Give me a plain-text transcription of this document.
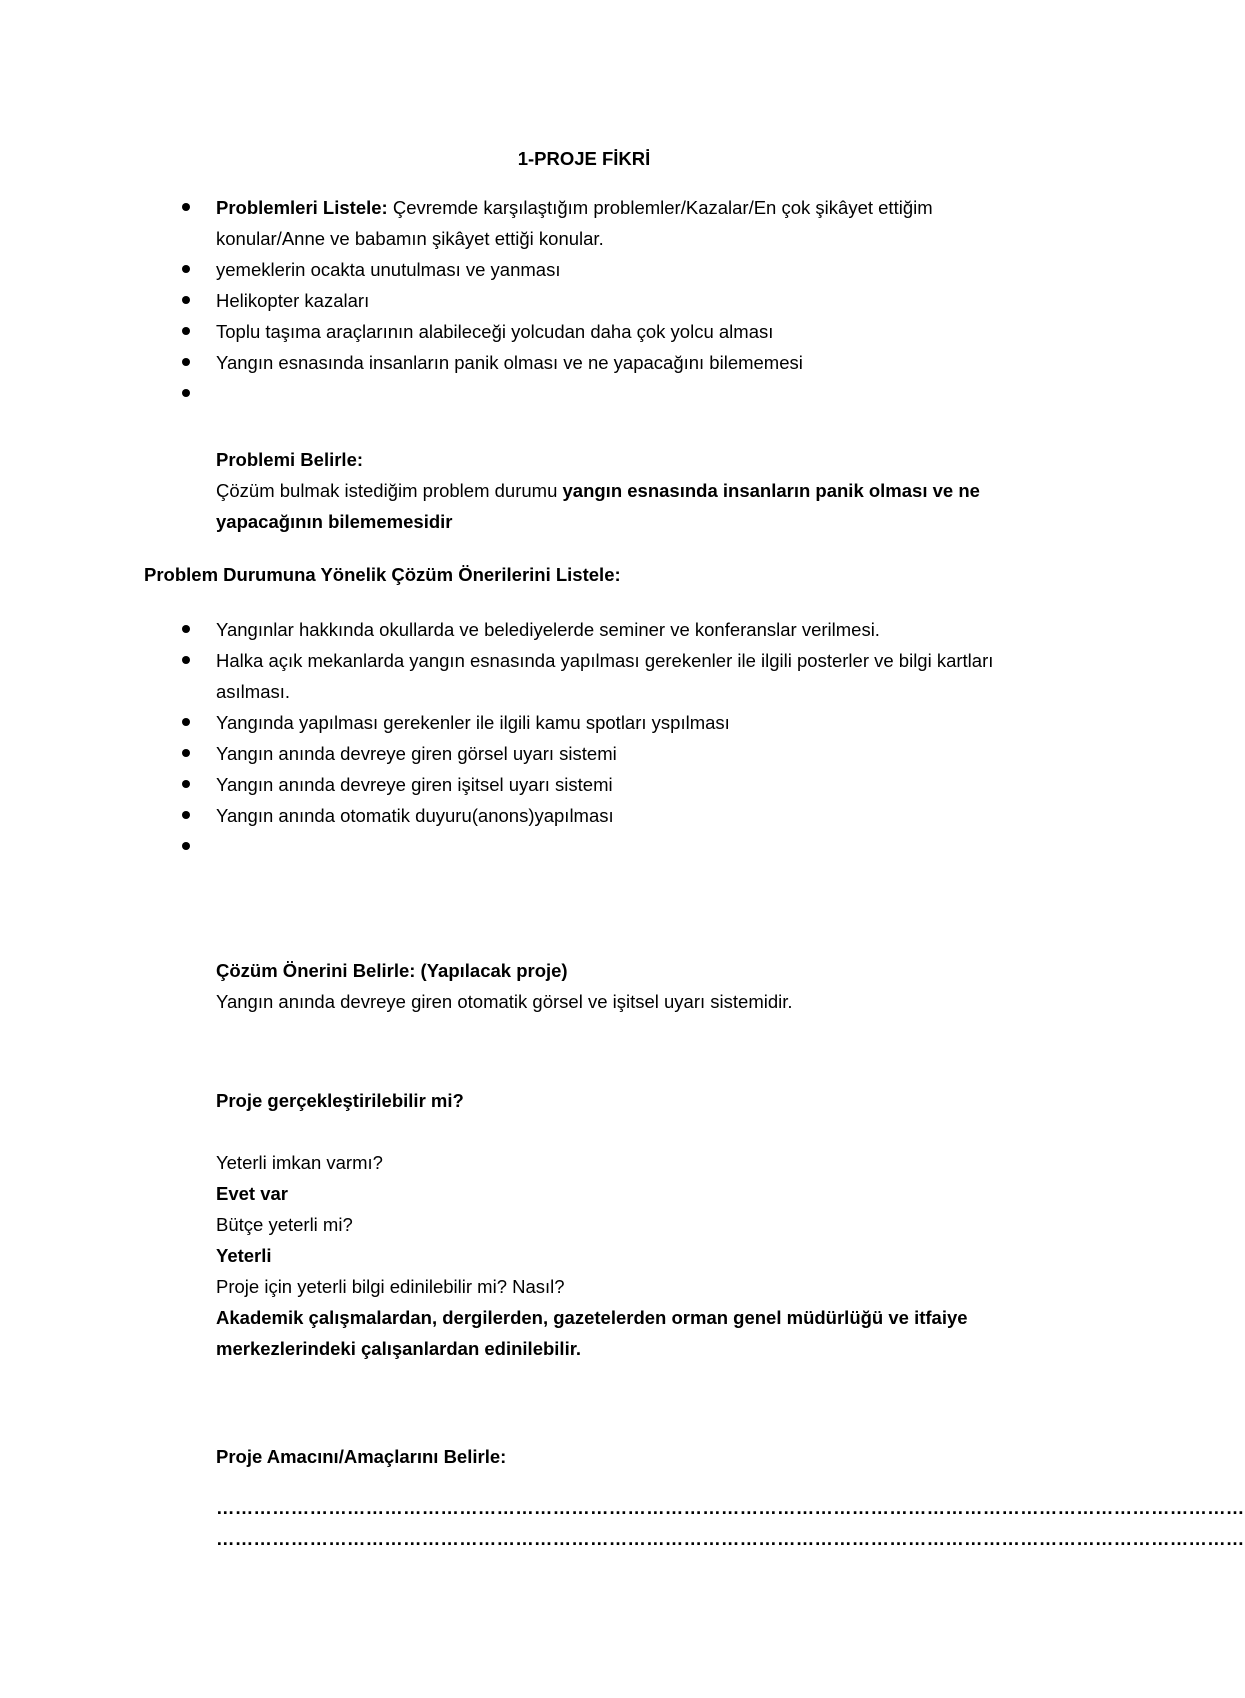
1-PROJE FİKRİ
Problemleri Listele: Çevremde karşılaştığım problemler/Kazalar/En çok şikâyet ettiğim konular/Anne ve babamın şikâyet ettiği konular.
yemeklerin ocakta unutulması ve yanması
Helikopter kazaları
Toplu taşıma araçlarının alabileceği yolcudan daha çok yolcu alması
Yangın esnasında insanların panik olması ve ne yapacağını bilememesi
Problemi Belirle:
Çözüm bulmak istediğim problem durumu yangın esnasında insanların panik olması ve ne yapacağının bilememesidir
Problem Durumuna Yönelik Çözüm Önerilerini Listele:
Yangınlar hakkında okullarda ve belediyelerde seminer ve konferanslar verilmesi.
Halka açık mekanlarda yangın esnasında yapılması gerekenler ile ilgili posterler ve bilgi kartları asılması.
Yangında yapılması gerekenler ile ilgili kamu spotları yspılması
Yangın anında devreye giren görsel uyarı sistemi
Yangın anında devreye giren işitsel uyarı sistemi
Yangın anında otomatik duyuru(anons)yapılması
Çözüm Önerini Belirle: (Yapılacak proje)
Yangın anında devreye giren otomatik görsel ve işitsel uyarı sistemidir.
Proje gerçekleştirilebilir mi?
Yeterli imkan varmı?
Evet var
Bütçe yeterli mi?
Yeterli
Proje için yeterli bilgi edinilebilir mi? Nasıl?
Akademik çalışmalardan, dergilerden, gazetelerden orman genel müdürlüğü ve itfaiye merkezlerindeki çalışanlardan edinilebilir.
Proje Amacını/Amaçlarını Belirle:
…………………………………………………………………………………………………………………………………………………
…………………………………………………………………………………………………………………………………………………
